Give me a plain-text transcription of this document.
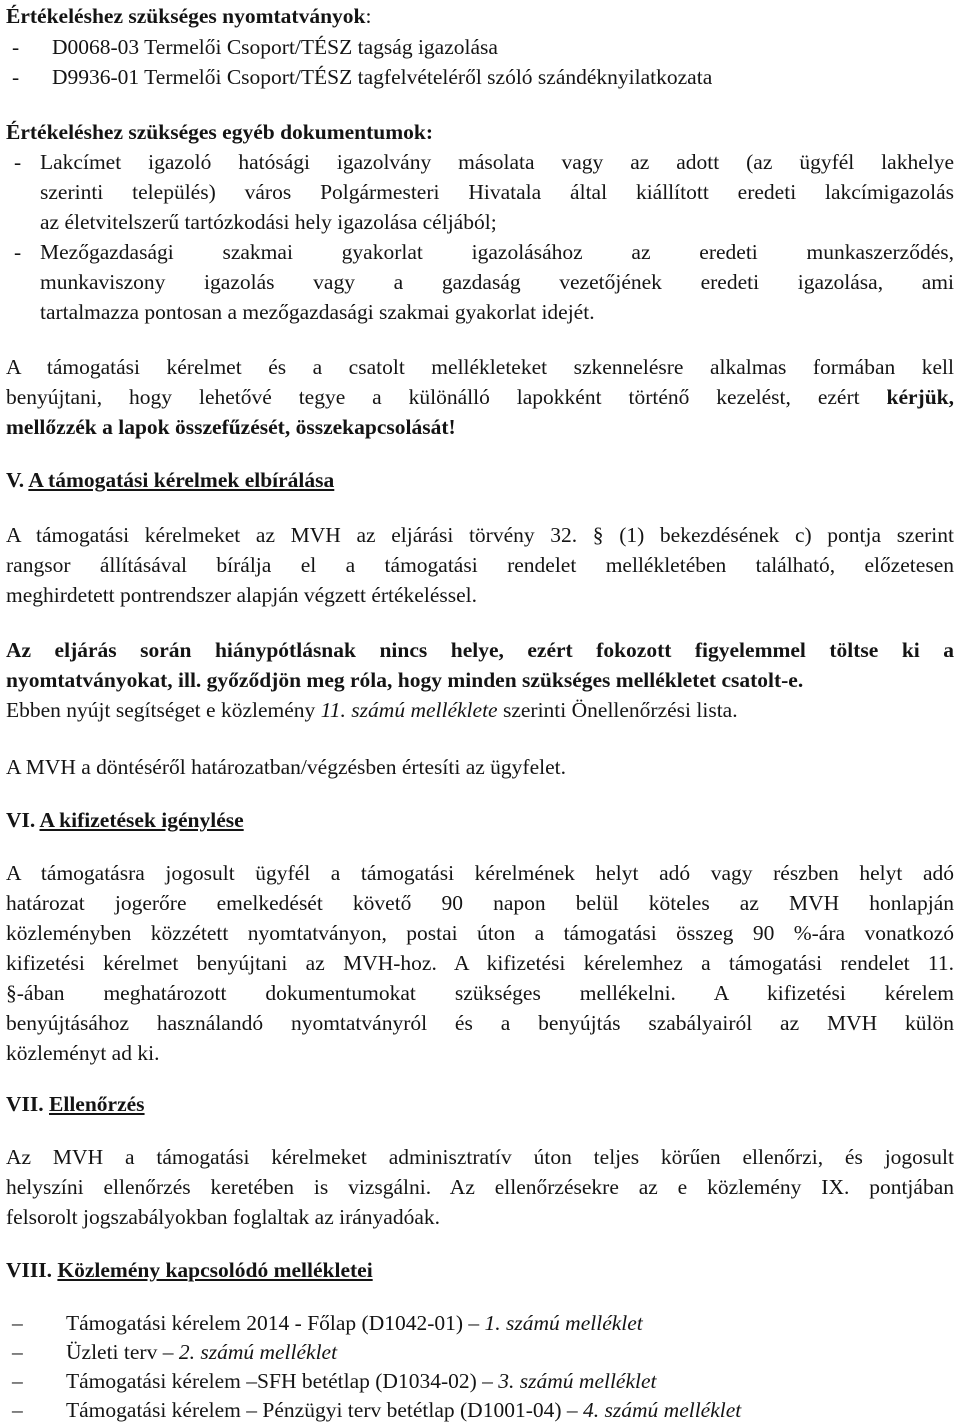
Értékeléshez szükséges nyomtatványok:
- D0068-03 Termelői Csoport/TÉSZ tagság igazolása
- D9936-01 Termelői Csoport/TÉSZ tagfelvételéről szóló szándéknyilatkozata
Értékeléshez szükséges egyéb dokumentumok:
- Lakcímet igazoló hatósági igazolvány másolata vagy az adott (az ügyfél lakhelye
szerinti település) város Polgármesteri Hivatala által kiállított eredeti lakcímigazolás
az életvitelszerű tartózkodási hely igazolása céljából;
- Mezőgazdasági szakmai gyakorlat igazolásához az eredeti munkaszerződés,
munkaviszony igazolás vagy a gazdaság vezetőjének eredeti igazolása, ami
tartalmazza pontosan a mezőgazdasági szakmai gyakorlat idejét.
A támogatási kérelmet és a csatolt mellékleteket szkennelésre alkalmas formában kell
benyújtani, hogy lehetővé tegye a különálló lapokként történő kezelést, ezért kérjük,
mellőzzék a lapok összefűzését, összekapcsolását!
V. A támogatási kérelmek elbírálása
A támogatási kérelmeket az MVH az eljárási törvény 32. § (1) bekezdésének c) pontja szerint
rangsor állításával bírálja el a támogatási rendelet mellékletében található, előzetesen
meghirdetett pontrendszer alapján végzett értékeléssel.
Az eljárás során hiánypótlásnak nincs helye, ezért fokozott figyelemmel töltse ki a
nyomtatványokat, ill. győződjön meg róla, hogy minden szükséges mellékletet csatolt-e.
Ebben nyújt segítséget e közlemény 11. számú melléklete szerinti Önellenőrzési lista.
A MVH a döntéséről határozatban/végzésben értesíti az ügyfelet.
VI. A kifizetések igénylése
A támogatásra jogosult ügyfél a támogatási kérelmének helyt adó vagy részben helyt adó
határozat jogerőre emelkedését követő 90 napon belül köteles az MVH honlapján
közleményben közzétett nyomtatványon, postai úton a támogatási összeg 90 %-ára vonatkozó
kifizetési kérelmet benyújtani az MVH-hoz. A kifizetési kérelemhez a támogatási rendelet 11.
§-ában meghatározott dokumentumokat szükséges mellékelni. A kifizetési kérelem
benyújtásához használandó nyomtatványról és a benyújtás szabályairól az MVH külön
közleményt ad ki.
VII. Ellenőrzés
Az MVH a támogatási kérelmeket adminisztratív úton teljes körűen ellenőrzi, és jogosult
helyszíni ellenőrzés keretében is vizsgálni. Az ellenőrzésekre az e közlemény IX. pontjában
felsorolt jogszabályokban foglaltak az irányadóak.
VIII. Közlemény kapcsolódó mellékletei
– Támogatási kérelem 2014 - Főlap (D1042-01) – 1. számú melléklet
– Üzleti terv – 2. számú melléklet
– Támogatási kérelem –SFH betétlap (D1034-02) – 3. számú melléklet
– Támogatási kérelem – Pénzügyi terv betétlap (D1001-04) – 4. számú melléklet
